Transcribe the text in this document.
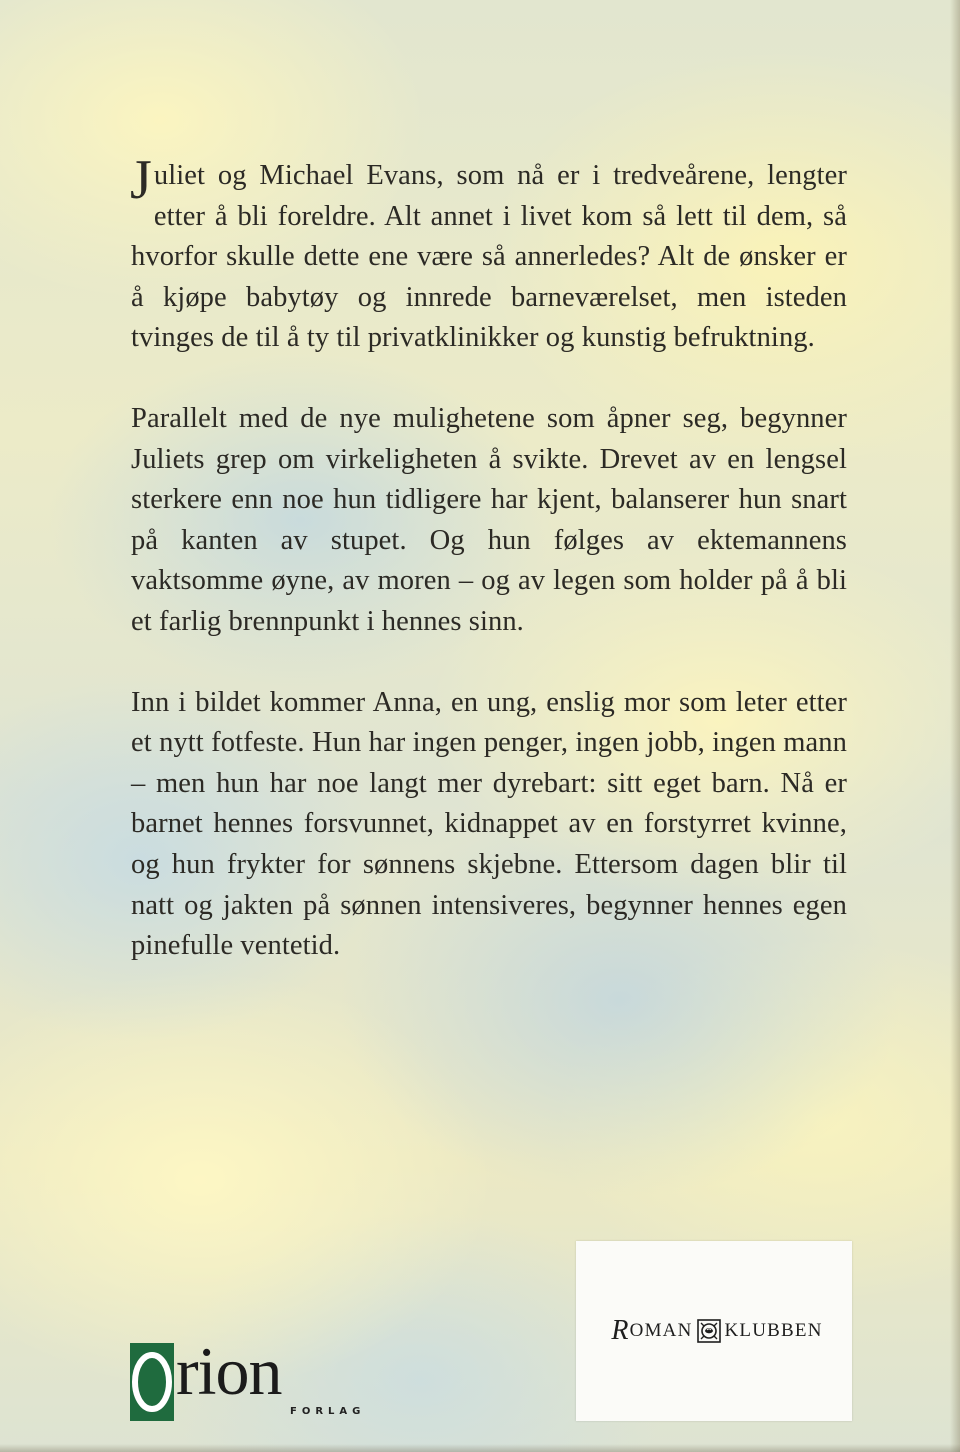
Juliet og Michael Evans, som nå er i tredveårene, lengter etter å bli foreldre. Alt annet i livet kom så lett til dem, så hvorfor skulle dette ene være så annerledes? Alt de ønsker er å kjøpe babytøy og innrede barneværelset, men isteden tvinges de til å ty til privatklinikker og kunstig befruktning.

Parallelt med de nye mulighetene som åpner seg, begynner Juliets grep om virkeligheten å svikte. Drevet av en lengsel sterkere enn noe hun tidligere har kjent, balanserer hun snart på kanten av stupet. Og hun følges av ektemannens vaktsomme øyne, av moren – og av legen som holder på å bli et farlig brennpunkt i hennes sinn.

Inn i bildet kommer Anna, en ung, enslig mor som leter etter et nytt fotfeste. Hun har ingen penger, ingen jobb, ingen mann – men hun har noe langt mer dyrebart: sitt eget barn. Nå er barnet hennes forsvunnet, kidnappet av en forstyrret kvinne, og hun frykter for sønnens skjebne. Ettersom dagen blir til natt og jakten på sønnen intensiveres, begynner hennes egen pinefulle ventetid.

rion
FORLAG
R OMAN KLUBBEN
